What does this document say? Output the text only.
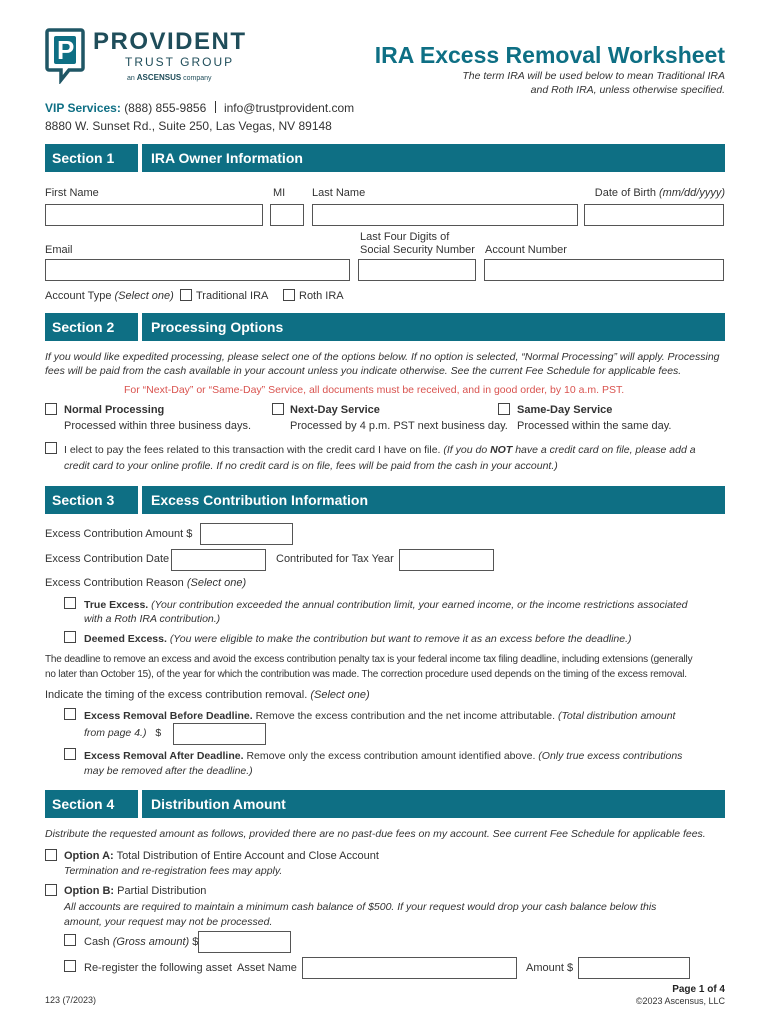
P PROVIDENT
TRUST GROUP
an ASCENSUS company
IRA Excess Removal Worksheet
The term IRA will be used below to mean Traditional IRA
and Roth IRA, unless otherwise specified.
VIP Services: (888) 855-9856 info@trustprovident.com
8880 W. Sunset Rd., Suite 250, Las Vegas, NV 89148
Section 1	IRA Owner Information
First Name	MI Last Name	Date of Birth (mm/dd/yyyy)
Email
Last Four Digits of
Social Security Number Account Number
Account Type (Select one) Traditional IRA	Roth IRA
Section 2	Processing Options
If you would like expedited processing, please select one of the options below. If no option is selected, “Normal Processing” will apply. Processing
fees will be paid from the cash available in your account unless you indicate otherwise. See the current Fee Schedule for applicable fees.
For “Next-Day” or “Same-Day” Service, all documents must be received, and in good order, by 10 a.m. PST.
Normal Processing
Processed within three business days.
Next-Day Service
Processed by 4 p.m. PST next business day.
Same-Day Service
Processed within the same day.
I elect to pay the fees related to this transaction with the credit card I have on file. (If you do NOT have a credit card on file, please add a
credit card to your online profile. If no credit card is on file, fees will be paid from the cash in your account.)
Section 3	Excess Contribution Information
Excess Contribution Amount $
Excess Contribution Date	Contributed for Tax Year
Excess Contribution Reason (Select one)
True Excess. (Your contribution exceeded the annual contribution limit, your earned income, or the income restrictions associated
with a Roth IRA contribution.)
Deemed Excess. (You were eligible to make the contribution but want to remove it as an excess before the deadline.)
The deadline to remove an excess and avoid the excess contribution penalty tax is your federal income tax filing deadline, including extensions (generally
no later than October 15), of the year for which the contribution was made. The correction procedure used depends on the timing of the excess removal.
Indicate the timing of the excess contribution removal. (Select one)
Excess Removal Before Deadline. Remove the excess contribution and the net income attributable. (Total distribution amount
from page 4.) $
Excess Removal After Deadline. Remove only the excess contribution amount identified above. (Only true excess contributions
may be removed after the deadline.)
Section 4	Distribution Amount
Distribute the requested amount as follows, provided there are no past-due fees on my account. See current Fee Schedule for applicable fees.
Option A: Total Distribution of Entire Account and Close Account
Termination and re-registration fees may apply.
Option B: Partial Distribution
All accounts are required to maintain a minimum cash balance of $500. If your request would drop your cash balance below this
amount, your request may not be processed.
Cash (Gross amount) $
Re-register the following asset Asset Name	Amount $
123 (7/2023)
Page 1 of 4
©2023 Ascensus, LLC
